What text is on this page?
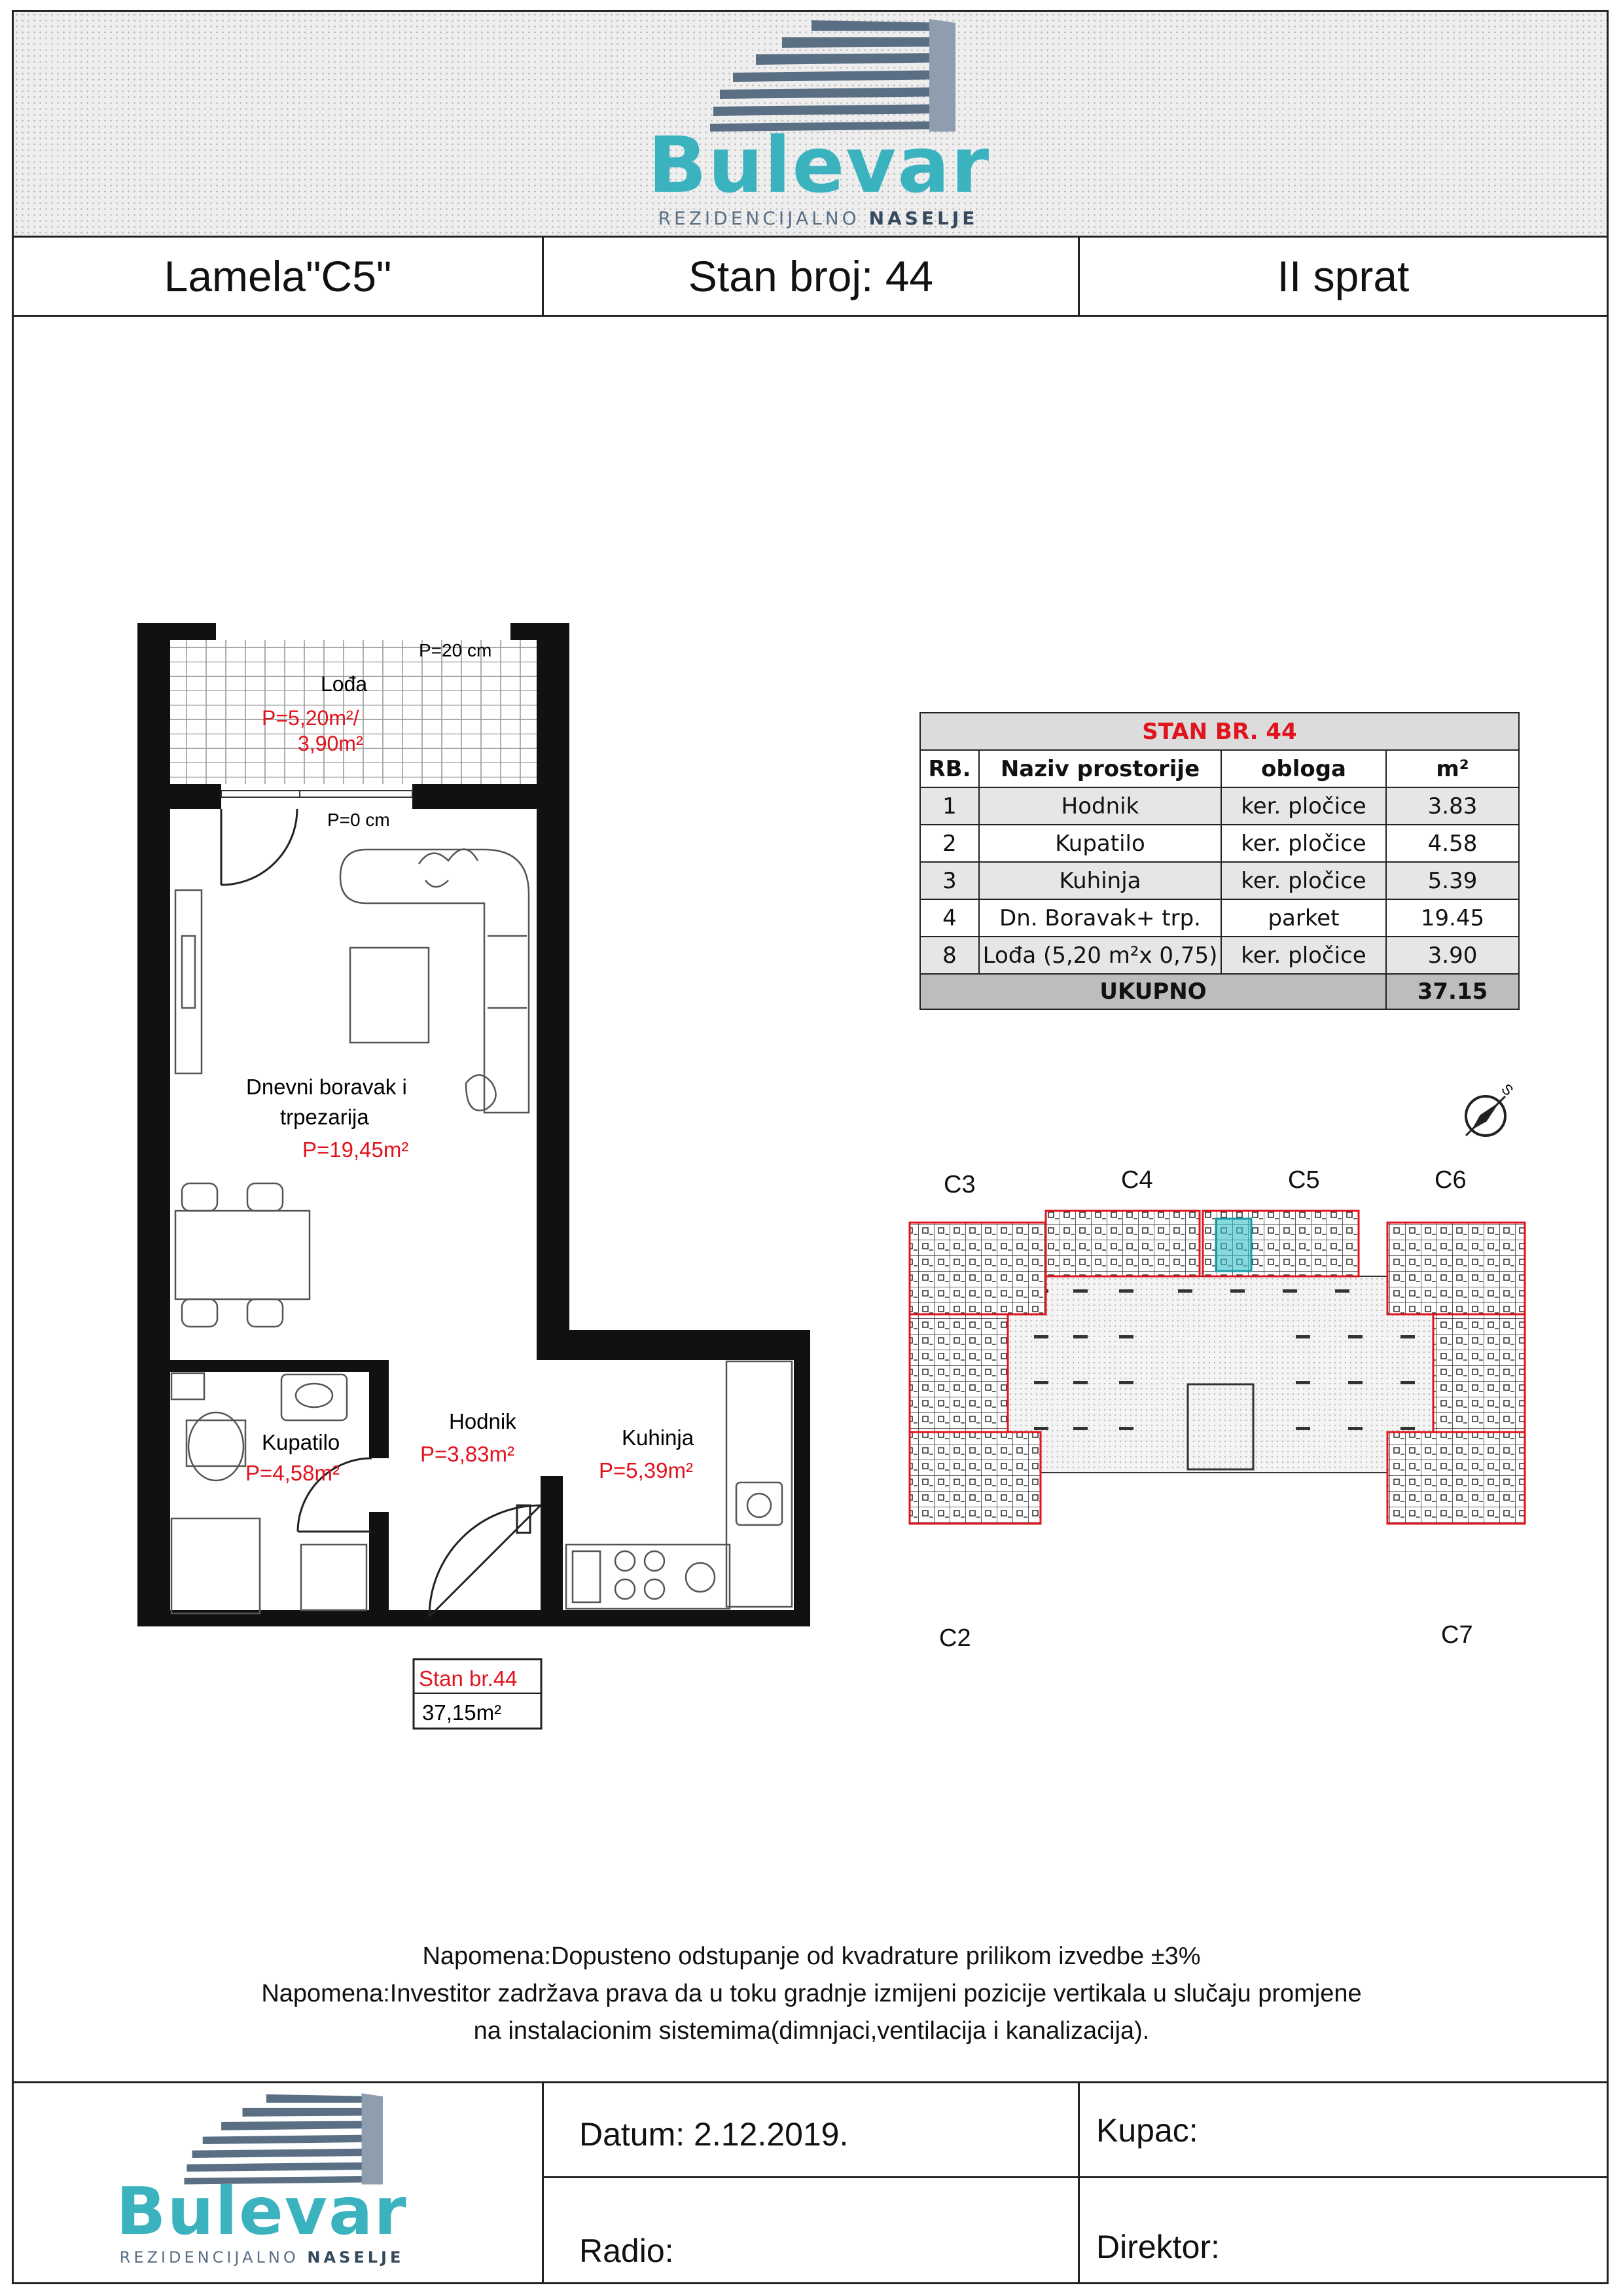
Bulevar
REZIDENCIJALNO NASELJE
Lamela"C5"	Stan broj: 44	II sprat
P=20 cm
Lođa
P=5,20m²/
3,90m²
P=0 cm
Dnevni boravak i
trpezarija
P=19,45m²
Hodnik
P=3,83m²
Kupatilo
P=4,58m²
Kuhinja
P=5,39m²
Stan br.44
37,15m²
STAN BR. 44			
RB.	Naziv prostorije	obloga	m²
1	Hodnik	ker. pločice	3.83
2	Kupatilo	ker. pločice	4.58
3	Kuhinja	ker. pločice	5.39
4	Dn. Boravak+ trp.	parket	19.45
8	Lođa (5,20 m²x 0,75)	ker. pločice	3.90
UKUPNO			37.15
S
C3	C4	C5	C6
C2	C7
Napomena:Dopusteno odstupanje od kvadrature prilikom izvedbe ±3%
Napomena:Investitor zadržava prava da u toku gradnje izmijeni pozicije vertikala u slučaju promjene
na instalacionim sistemima(dimnjaci,ventilacija i kanalizacija).
Bulevar
REZIDENCIJALNO NASELJE
Datum: 2.12.2019.	Kupac:
Radio:	Direktor:
